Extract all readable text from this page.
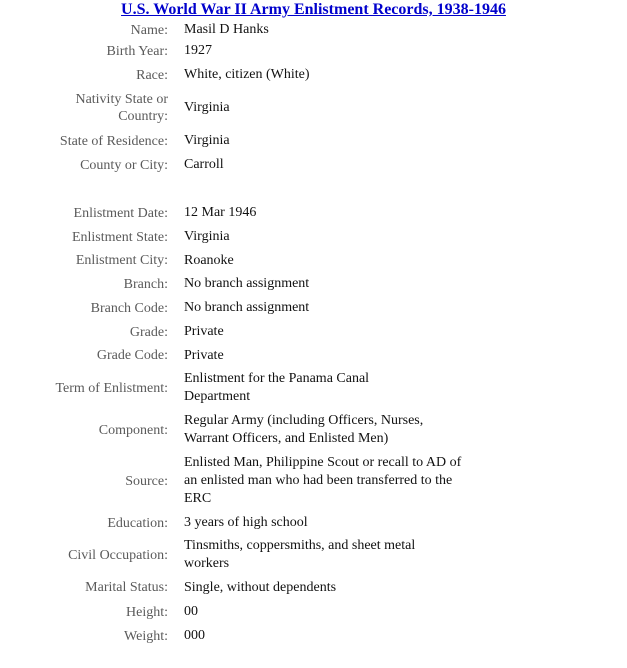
U.S. World War II Army Enlistment Records, 1938-1946
Name: Masil D Hanks
Birth Year: 1927
Race: White, citizen (White)
Nativity State or Country:
Virginia
State of Residence: Virginia
County or City: Carroll
Enlistment Date: 12 Mar 1946
Enlistment State: Virginia
Enlistment City: Roanoke
Branch: No branch assignment
Branch Code: No branch assignment
Grade: Private
Grade Code: Private
Term of Enlistment:
Enlistment for the Panama Canal Department
Component:
Regular Army (including Officers, Nurses, Warrant Officers, and Enlisted Men)
Source:
Enlisted Man, Philippine Scout or recall to AD of an enlisted man who had been transferred to the ERC
Education: 3 years of high school
Civil Occupation:
Tinsmiths, coppersmiths, and sheet metal workers
Marital Status: Single, without dependents
Height: 00
Weight: 000
